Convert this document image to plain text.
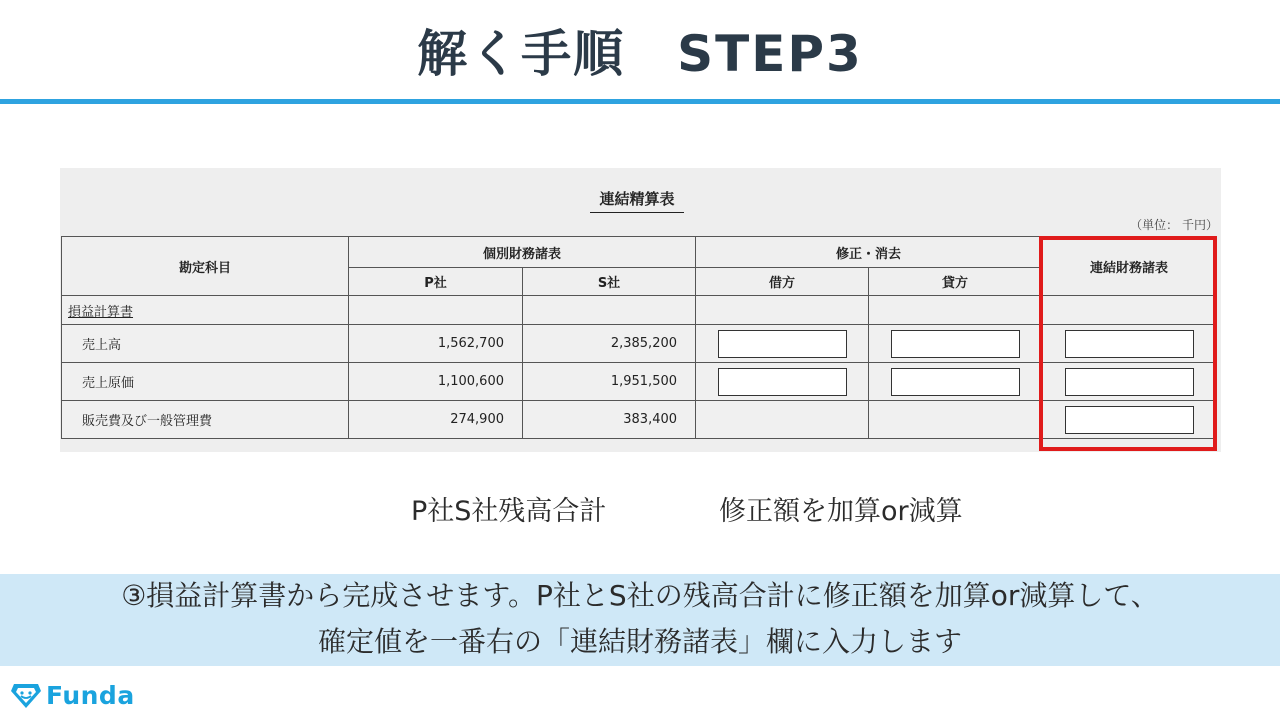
解く手順　STEP3
連結精算表
（単位： 千円）
勘定科目	個別財務諸表		修正・消去		連結財務諸表
	P社	S社	借方	貸方	
損益計算書					
売上高	1,562,700	2,385,200			
売上原価	1,100,600	1,951,500			
販売費及び一般管理費	274,900	383,400			
P社S社残高合計	修正額を加算or減算
③損益計算書から完成させます。P社とS社の残高合計に修正額を加算or減算して、
確定値を一番右の「連結財務諸表」欄に入力します
Funda
